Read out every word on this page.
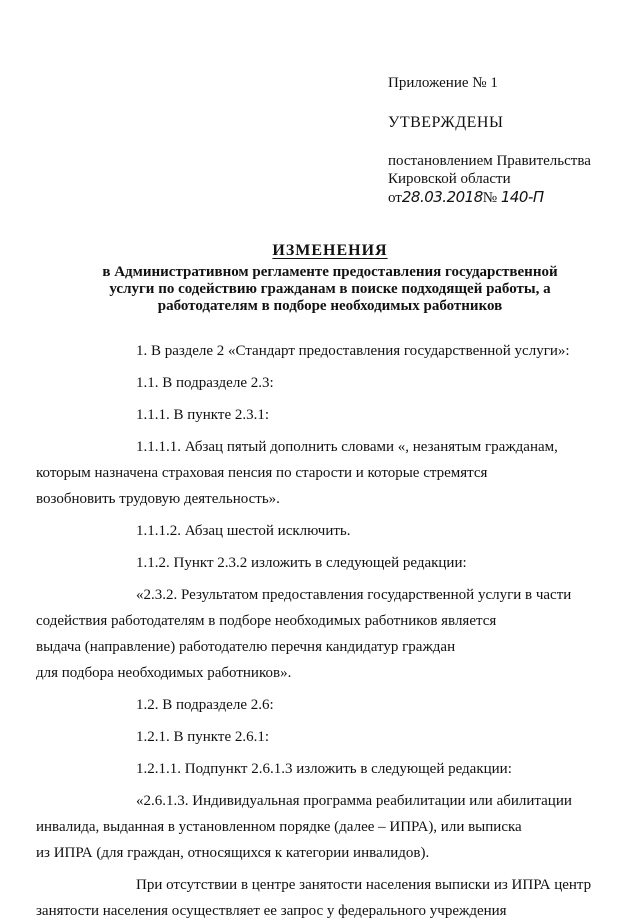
Приложение № 1

УТВЕРЖДЕНЫ

постановлением Правительства
Кировской области
от28.03.2018№ 140-П

ИЗМЕНЕНИЯ

в Административном регламенте предоставления государственной
услуги по содействию гражданам в поиске подходящей работы, а
работодателям в подборе необходимых работников

1. В разделе 2 «Стандарт предоставления государственной услуги»:

1.1. В подразделе 2.3:

1.1.1. В пункте 2.3.1:

1.1.1.1. Абзац пятый дополнить словами «, незанятым гражданам,

которым назначена страховая пенсия по старости и которые стремятся

возобновить трудовую деятельность».

1.1.1.2. Абзац шестой исключить.

1.1.2. Пункт 2.3.2 изложить в следующей редакции:

«2.3.2. Результатом предоставления государственной услуги в части

содействия работодателям в подборе необходимых работников является

выдача (направление) работодателю перечня кандидатур граждан

для подбора необходимых работников».

1.2. В подразделе 2.6:

1.2.1. В пункте 2.6.1:

1.2.1.1. Подпункт 2.6.1.3 изложить в следующей редакции:

«2.6.1.3. Индивидуальная программа реабилитации или абилитации

инвалида, выданная в установленном порядке (далее – ИПРА), или выписка

из ИПРА (для граждан, относящихся к категории инвалидов).

При отсутствии в центре занятости населения выписки из ИПРА центр

занятости населения осуществляет ее запрос у федерального учреждения
